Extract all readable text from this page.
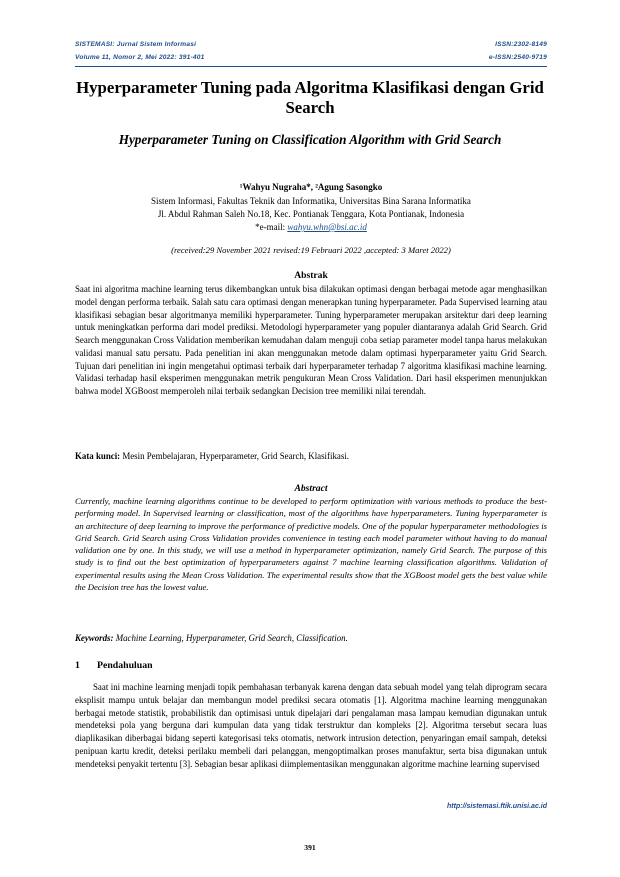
SISTEMASI: Jurnal Sistem Informasi	ISSN:2302-8149
Volume 11, Nomor 2, Mei 2022: 391-401	e-ISSN:2540-9719
Hyperparameter Tuning pada Algoritma Klasifikasi dengan Grid Search
Hyperparameter Tuning on Classification Algorithm with Grid Search
¹Wahyu Nugraha*, ²Agung Sasongko
Sistem Informasi, Fakultas Teknik dan Informatika, Universitas Bina Sarana Informatika
Jl. Abdul Rahman Saleh No.18, Kec. Pontianak Tenggara, Kota Pontianak, Indonesia
*e-mail: wahyu.whn@bsi.ac.id
(received:29 November 2021 revised:19 Februari 2022 ,accepted: 3 Maret 2022)
Abstrak
Saat ini algoritma machine learning terus dikembangkan untuk bisa dilakukan optimasi dengan berbagai metode agar menghasilkan model dengan performa terbaik. Salah satu cara optimasi dengan menerapkan tuning hyperparameter. Pada Supervised learning atau klasifikasi sebagian besar algoritmanya memiliki hyperparameter. Tuning hyperparameter merupakan arsitektur dari deep learning untuk meningkatkan performa dari model prediksi. Metodologi hyperparameter yang populer diantaranya adalah Grid Search. Grid Search menggunakan Cross Validation memberikan kemudahan dalam menguji coba setiap parameter model tanpa harus melakukan validasi manual satu persatu. Pada penelitian ini akan menggunakan metode dalam optimasi hyperparameter yaitu Grid Search. Tujuan dari penelitian ini ingin mengetahui optimasi terbaik dari hyperparameter terhadap 7 algoritma klasifikasi machine learning. Validasi terhadap hasil eksperimen menggunakan metrik pengukuran Mean Cross Validation. Dari hasil eksperimen menunjukkan bahwa model XGBoost memperoleh nilai terbaik sedangkan Decision tree memiliki nilai terendah.
Kata kunci: Mesin Pembelajaran, Hyperparameter, Grid Search, Klasifikasi.
Abstract
Currently, machine learning algorithms continue to be developed to perform optimization with various methods to produce the best-performing model. In Supervised learning or classification, most of the algorithms have hyperparameters. Tuning hyperparameter is an architecture of deep learning to improve the performance of predictive models. One of the popular hyperparameter methodologies is Grid Search. Grid Search using Cross Validation provides convenience in testing each model parameter without having to do manual validation one by one. In this study, we will use a method in hyperparameter optimization, namely Grid Search. The purpose of this study is to find out the best optimization of hyperparameters against 7 machine learning classification algorithms. Validation of experimental results using the Mean Cross Validation. The experimental results show that the XGBoost model gets the best value while the Decision tree has the lowest value.
Keywords: Machine Learning, Hyperparameter, Grid Search, Classification.
1 Pendahuluan
Saat ini machine learning menjadi topik pembahasan terbanyak karena dengan data sebuah model yang telah diprogram secara eksplisit mampu untuk belajar dan membangun model prediksi secara otomatis [1]. Algoritma machine learning menggunakan berbagai metode statistik, probabilistik dan optimisasi untuk dipelajari dari pengalaman masa lampau kemudian digunakan untuk mendeteksi pola yang berguna dari kumpulan data yang tidak terstruktur dan kompleks [2]. Algoritma tersebut secara luas diaplikasikan diberbagai bidang seperti kategorisasi teks otomatis, network intrusion detection, penyaringan email sampah, deteksi penipuan kartu kredit, deteksi perilaku membeli dari pelanggan, mengoptimalkan proses manufaktur, serta bisa digunakan untuk mendeteksi penyakit tertentu [3]. Sebagian besar aplikasi diimplementasikan menggunakan algoritme machine learning supervised
http://sistemasi.ftik.unisi.ac.id
391
